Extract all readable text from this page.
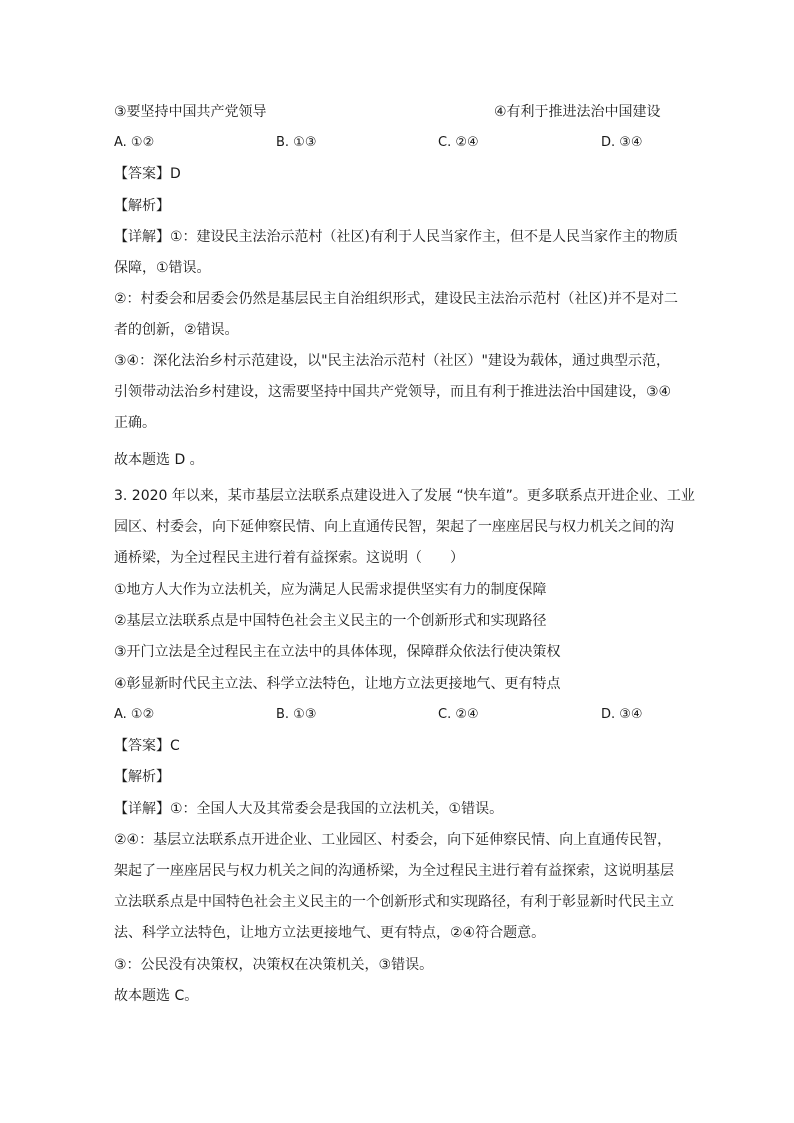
③要坚持中国共产党领导	④有利于推进法治中国建设
A. ①②	B. ①③	C. ②④	D. ③④
【答案】D
【解析】
【详解】①：建设民主法治示范村（社区)有利于人民当家作主，但不是人民当家作主的物质
保障，①错误。
②：村委会和居委会仍然是基层民主自治组织形式，建设民主法治示范村（社区)并不是对二
者的创新，②错误。
③④：深化法治乡村示范建设，以"民主法治示范村（社区）"建设为载体，通过典型示范，
引领带动法治乡村建设，这需要坚持中国共产党领导，而且有利于推进法治中国建设，③④
正确。
故本题选 D 。
3. 2020 年以来，某市基层立法联系点建设进入了发展 “快车道”。更多联系点开进企业、工业
园区、村委会，向下延伸察民情、向上直通传民智，架起了一座座居民与权力机关之间的沟
通桥梁，为全过程民主进行着有益探索。这说明（　　）
①地方人大作为立法机关，应为满足人民需求提供坚实有力的制度保障
②基层立法联系点是中国特色社会主义民主的一个创新形式和实现路径
③开门立法是全过程民主在立法中的具体体现，保障群众依法行使决策权
④彰显新时代民主立法、科学立法特色，让地方立法更接地气、更有特点
A. ①②	B. ①③	C. ②④	D. ③④
【答案】C
【解析】
【详解】①：全国人大及其常委会是我国的立法机关，①错误。
②④：基层立法联系点开进企业、工业园区、村委会，向下延伸察民情、向上直通传民智，
架起了一座座居民与权力机关之间的沟通桥梁，为全过程民主进行着有益探索，这说明基层
立法联系点是中国特色社会主义民主的一个创新形式和实现路径，有利于彰显新时代民主立
法、科学立法特色，让地方立法更接地气、更有特点，②④符合题意。
③：公民没有决策权，决策权在决策机关，③错误。
故本题选 C。
